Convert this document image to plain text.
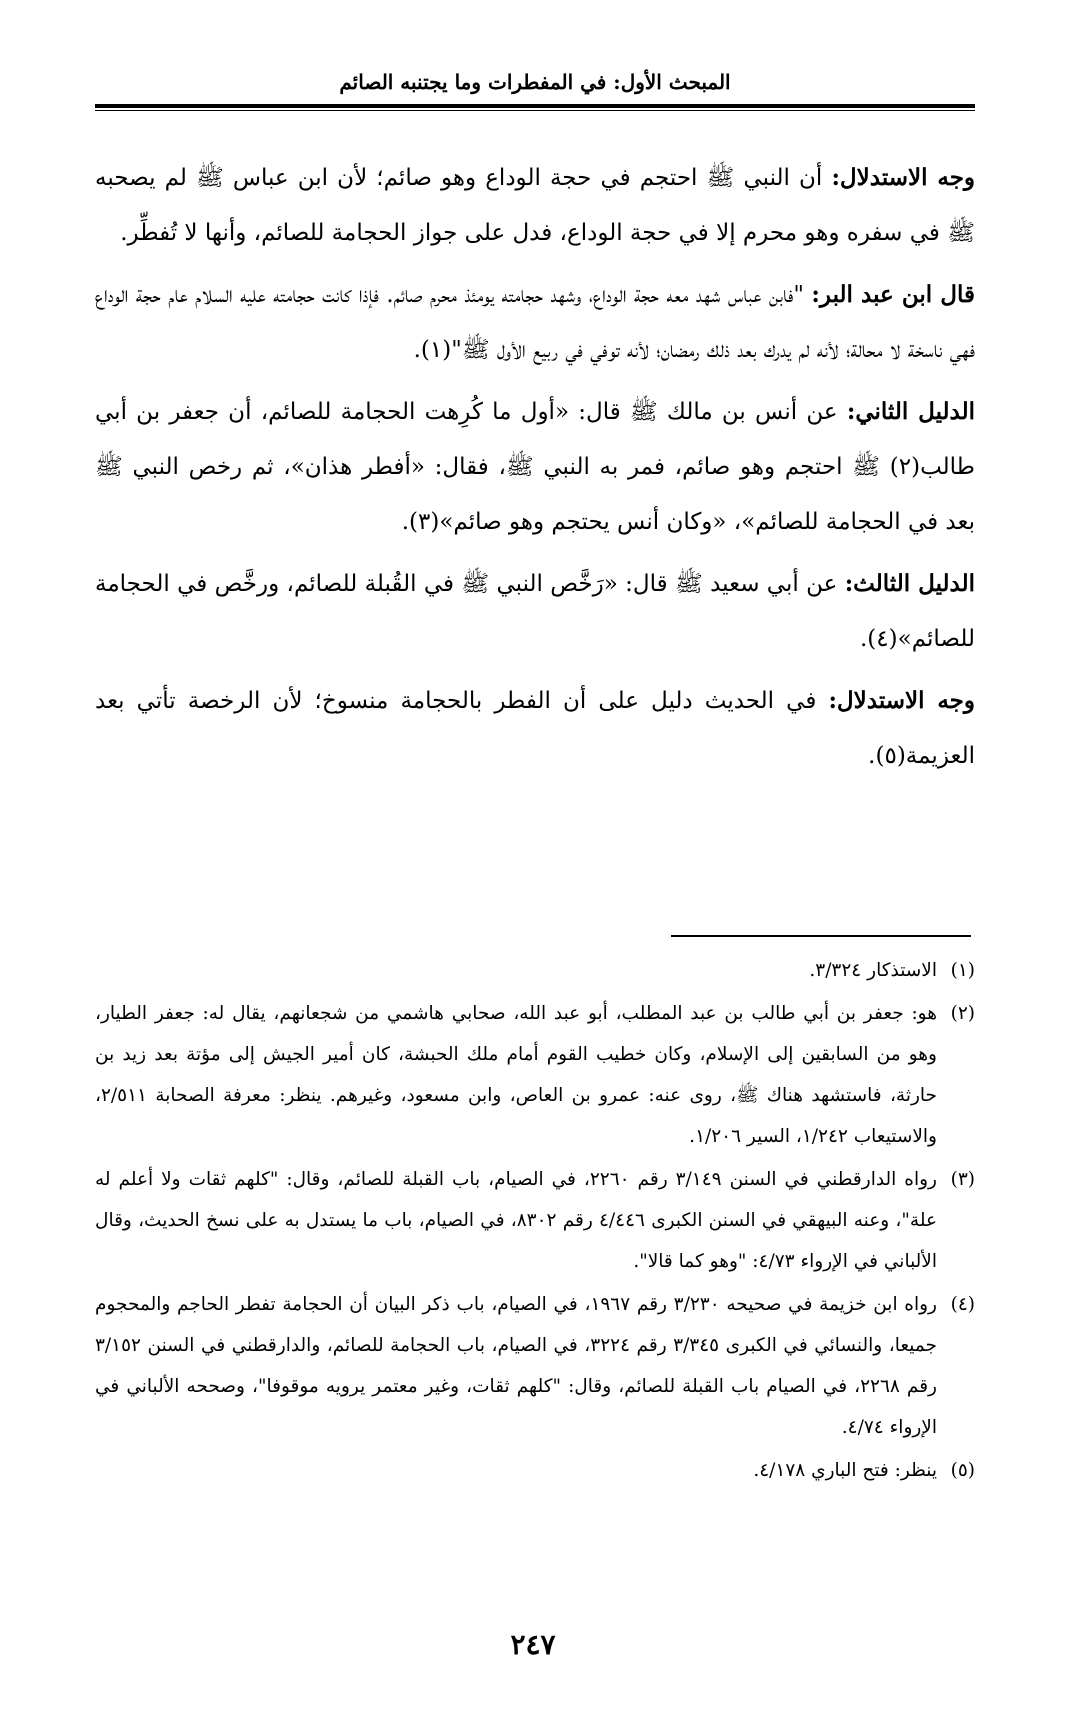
المبحث الأول: في المفطرات وما يجتنبه الصائم

وجه الاستدلال: أن النبي ﷺ احتجم في حجة الوداع وهو صائم؛ لأن ابن عباس ﷺ لم يصحبه ﷺ في سفره وهو محرم إلا في حجة الوداع، فدل على جواز الحجامة للصائم، وأنها لا تُفطِّر.

قال ابن عبد البر: "فابن عباس شهد معه حجة الوداع، وشهد حجامته يومئذ محرم صائم. فإذا كانت حجامته عليه السلام عام حجة الوداع فهي ناسخة لا محالة؛ لأنه لم يدرك بعد ذلك رمضان؛ لأنه توفي في ربيع الأول ﷺ"(١).

الدليل الثاني: عن أنس بن مالك ﷺ قال: «أول ما كُرِهت الحجامة للصائم، أن جعفر بن أبي طالب(٢) ﷺ احتجم وهو صائم، فمر به النبي ﷺ، فقال: «أفطر هذان»، ثم رخص النبي ﷺ بعد في الحجامة للصائم»، «وكان أنس يحتجم وهو صائم»(٣).

الدليل الثالث: عن أبي سعيد ﷺ قال: «رَخَّص النبي ﷺ في القُبلة للصائم، ورخَّص في الحجامة للصائم»(٤).

وجه الاستدلال: في الحديث دليل على أن الفطر بالحجامة منسوخ؛ لأن الرخصة تأتي بعد العزيمة(٥).

(١)
الاستذكار ٣/٣٢٤.
(٢)
هو: جعفر بن أبي طالب بن عبد المطلب، أبو عبد الله، صحابي هاشمي من شجعانهم، يقال له: جعفر الطيار، وهو من السابقين إلى الإسلام، وكان خطيب القوم أمام ملك الحبشة، كان أمير الجيش إلى مؤتة بعد زيد بن حارثة، فاستشهد هناك ﷺ، روى عنه: عمرو بن العاص، وابن مسعود، وغيرهم. ينظر: معرفة الصحابة ٢/٥١١، والاستيعاب ١/٢٤٢، السير ١/٢٠٦.
(٣)
رواه الدارقطني في السنن ٣/١٤٩ رقم ٢٢٦٠، في الصيام، باب القبلة للصائم، وقال: "كلهم ثقات ولا أعلم له علة"، وعنه البيهقي في السنن الكبرى ٤/٤٤٦ رقم ٨٣٠٢، في الصيام، باب ما يستدل به على نسخ الحديث، وقال الألباني في الإرواء ٤/٧٣: "وهو كما قالا".
(٤)
رواه ابن خزيمة في صحيحه ٣/٢٣٠ رقم ١٩٦٧، في الصيام، باب ذكر البيان أن الحجامة تفطر الحاجم والمحجوم جميعا، والنسائي في الكبرى ٣/٣٤٥ رقم ٣٢٢٤، في الصيام، باب الحجامة للصائم، والدارقطني في السنن ٣/١٥٢ رقم ٢٢٦٨، في الصيام باب القبلة للصائم، وقال: "كلهم ثقات، وغير معتمر يرويه موقوفا"، وصححه الألباني في الإرواء ٤/٧٤.
(٥)
ينظر: فتح الباري ٤/١٧٨.
٢٤٧
